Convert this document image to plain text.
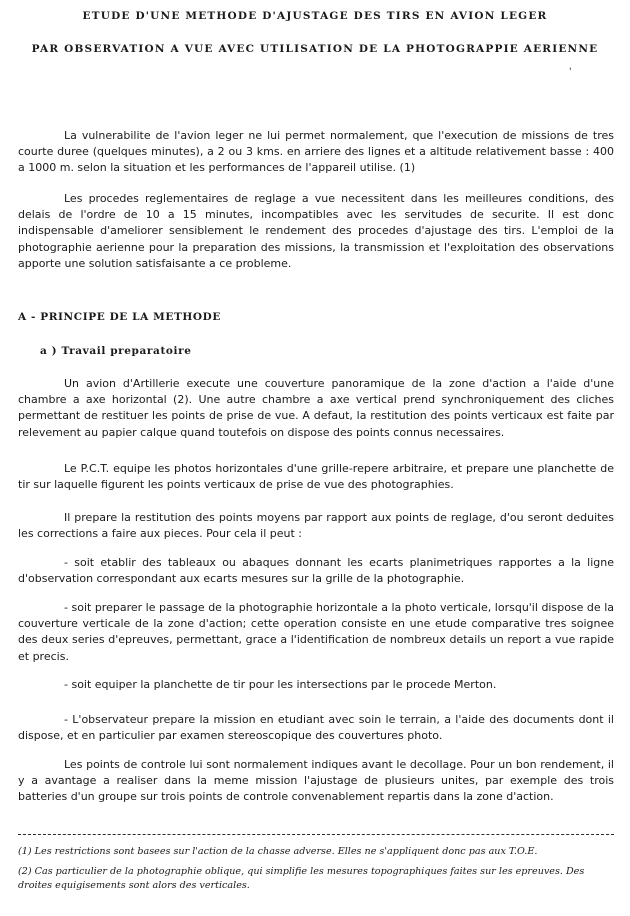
ETUDE D'UNE METHODE D'AJUSTAGE DES TIRS EN AVION LEGER
PAR OBSERVATION A VUE AVEC UTILISATION DE LA PHOTOGRAPPIE AERIENNE
'

La vulnerabilite de l'avion leger ne lui permet normalement, que l'execution de missions de tres courte duree (quelques minutes), a 2 ou 3 kms. en arriere des lignes et a altitude relativement basse : 400 a 1000 m. selon la situation et les performances de l'appareil utilise. (1)

Les procedes reglementaires de reglage a vue necessitent dans les meilleures conditions, des delais de l'ordre de 10 a 15 minutes, incompatibles avec les servitudes de securite. Il est donc indispensable d'ameliorer sensiblement le rendement des procedes d'ajustage des tirs. L'emploi de la photographie aerienne pour la preparation des missions, la transmission et l'exploitation des observations apporte une solution satisfaisante a ce probleme.

A - PRINCIPE DE LA METHODE
a ) Travail preparatoire

Un avion d'Artillerie execute une couverture panoramique de la zone d'action a l'aide d'une chambre a axe horizontal (2). Une autre chambre a axe vertical prend synchroniquement des cliches permettant de restituer les points de prise de vue. A defaut, la restitution des points verticaux est faite par relevement au papier calque quand toutefois on dispose des points connus necessaires.

Le P.C.T. equipe les photos horizontales d'une grille-repere arbitraire, et prepare une planchette de tir sur laquelle figurent les points verticaux de prise de vue des photographies.

Il prepare la restitution des points moyens par rapport aux points de reglage, d'ou seront deduites les corrections a faire aux pieces. Pour cela il peut :

- soit etablir des tableaux ou abaques donnant les ecarts planimetriques rapportes a la ligne d'observation correspondant aux ecarts mesures sur la grille de la photographie.

- soit preparer le passage de la photographie horizontale a la photo verticale, lorsqu'il dispose de la couverture verticale de la zone d'action; cette operation consiste en une etude comparative tres soignee des deux series d'epreuves, permettant, grace a l'identification de nombreux details un report a vue rapide et precis.

- soit equiper la planchette de tir pour les intersections par le procede Merton.

- L'observateur prepare la mission en etudiant avec soin le terrain, a l'aide des documents dont il dispose, et en particulier par examen stereoscopique des couvertures photo.

Les points de controle lui sont normalement indiques avant le decollage. Pour un bon rendement, il y a avantage a realiser dans la meme mission l'ajustage de plusieurs unites, par exemple des trois batteries d'un groupe sur trois points de controle convenablement repartis dans la zone d'action.

(1) Les restrictions sont basees sur l'action de la chasse adverse. Elles ne s'appliquent donc pas aux T.O.E.

(2) Cas particulier de la photographie oblique, qui simplifie les mesures topographiques faites sur les epreuves. Des droites equigisements sont alors des verticales.
